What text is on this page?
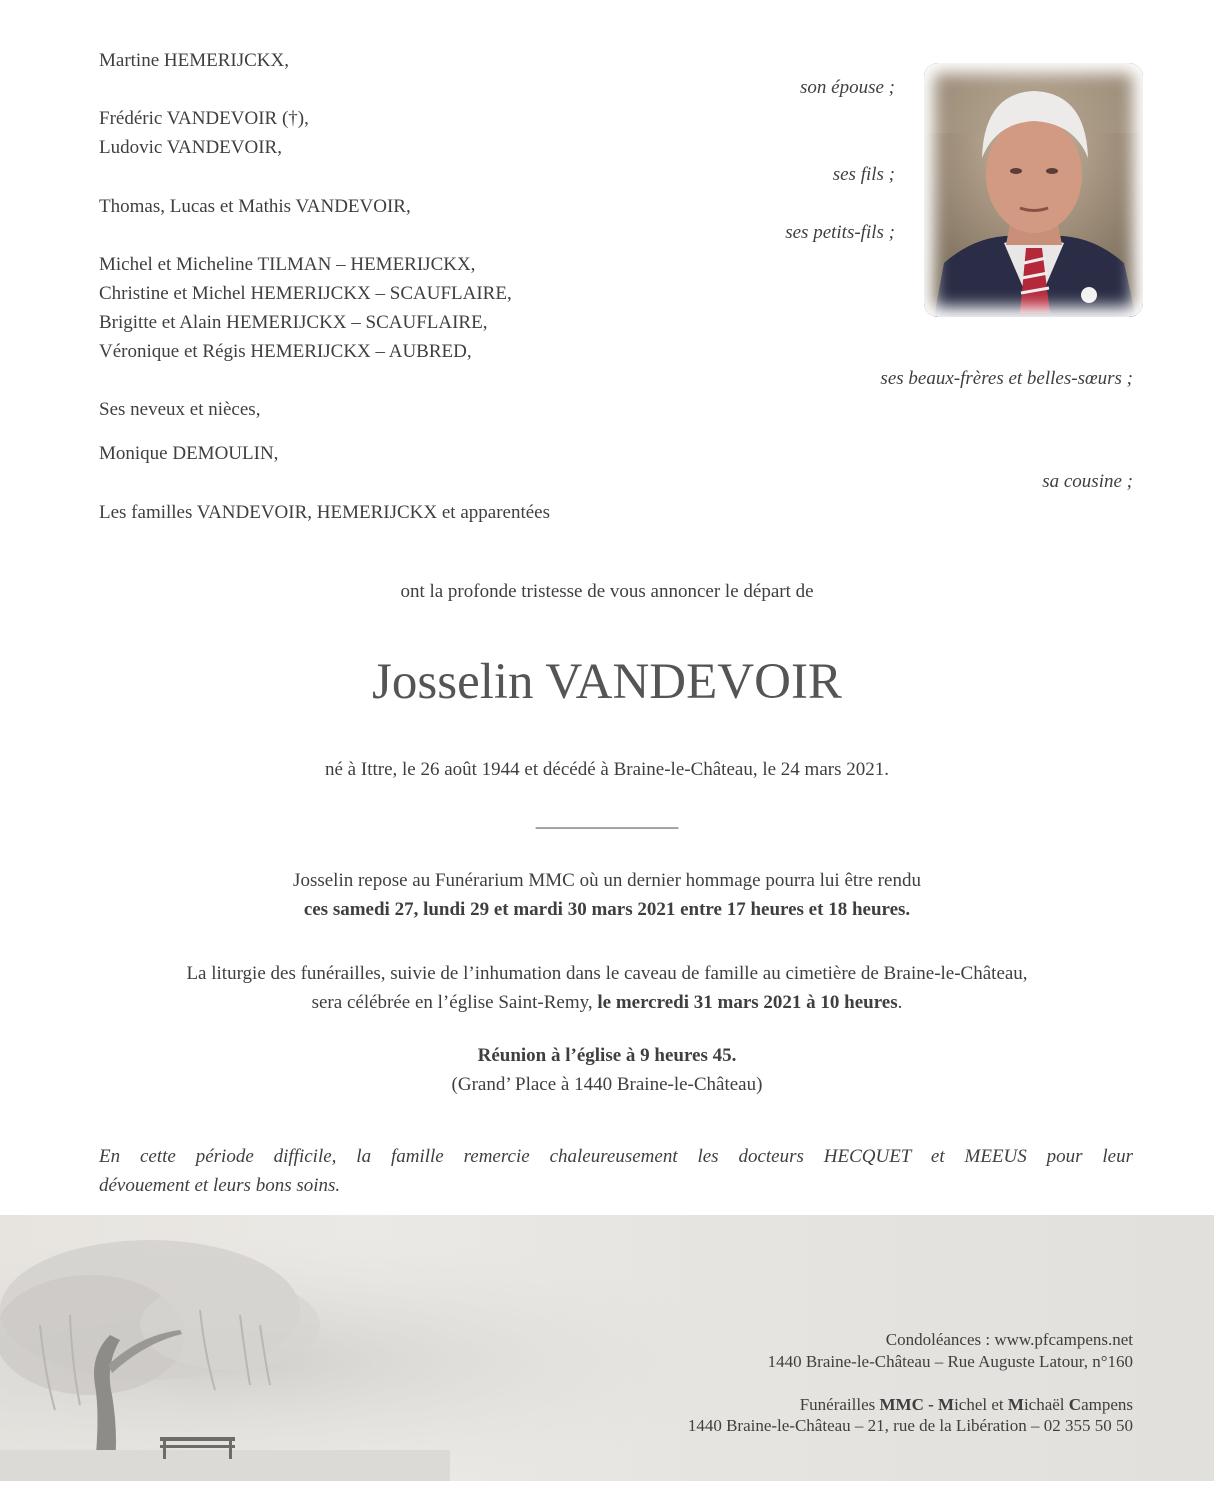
Martine HEMERIJCKX,
son épouse ;
Frédéric VANDEVOIR (†),
Ludovic VANDEVOIR,
ses fils ;
Thomas, Lucas et Mathis VANDEVOIR,
ses petits-fils ;
Michel et Micheline TILMAN – HEMERIJCKX,
Christine et Michel HEMERIJCKX – SCAUFLAIRE,
Brigitte et Alain HEMERIJCKX – SCAUFLAIRE,
Véronique et Régis HEMERIJCKX – AUBRED,
ses beaux-frères et belles-sœurs ;
Ses neveux et nièces,
Monique DEMOULIN,
sa cousine ;
Les familles VANDEVOIR, HEMERIJCKX et apparentées
ont la profonde tristesse de vous annoncer le départ de
Josselin VANDEVOIR
né à Ittre, le 26 août 1944 et décédé à Braine-le-Château, le 24 mars 2021.
_______________
Josselin repose au Funérarium MMC où un dernier hommage pourra lui être rendu
ces samedi 27, lundi 29 et mardi 30 mars 2021 entre 17 heures et 18 heures.
La liturgie des funérailles, suivie de l’inhumation dans le caveau de famille au cimetière de Braine-le-Château,
sera célébrée en l’église Saint-Remy, le mercredi 31 mars 2021 à 10 heures.
Réunion à l’église à 9 heures 45.
(Grand’ Place à 1440 Braine-le-Château)
En cette période difficile, la famille remercie chaleureusement les docteurs HECQUET et MEEUS pour leur
dévouement et leurs bons soins.
Condoléances : www.pfcampens.net
1440 Braine-le-Château – Rue Auguste Latour, n°160
Funérailles MMC - Michel et Michaël Campens
1440 Braine-le-Château – 21, rue de la Libération – 02 355 50 50
